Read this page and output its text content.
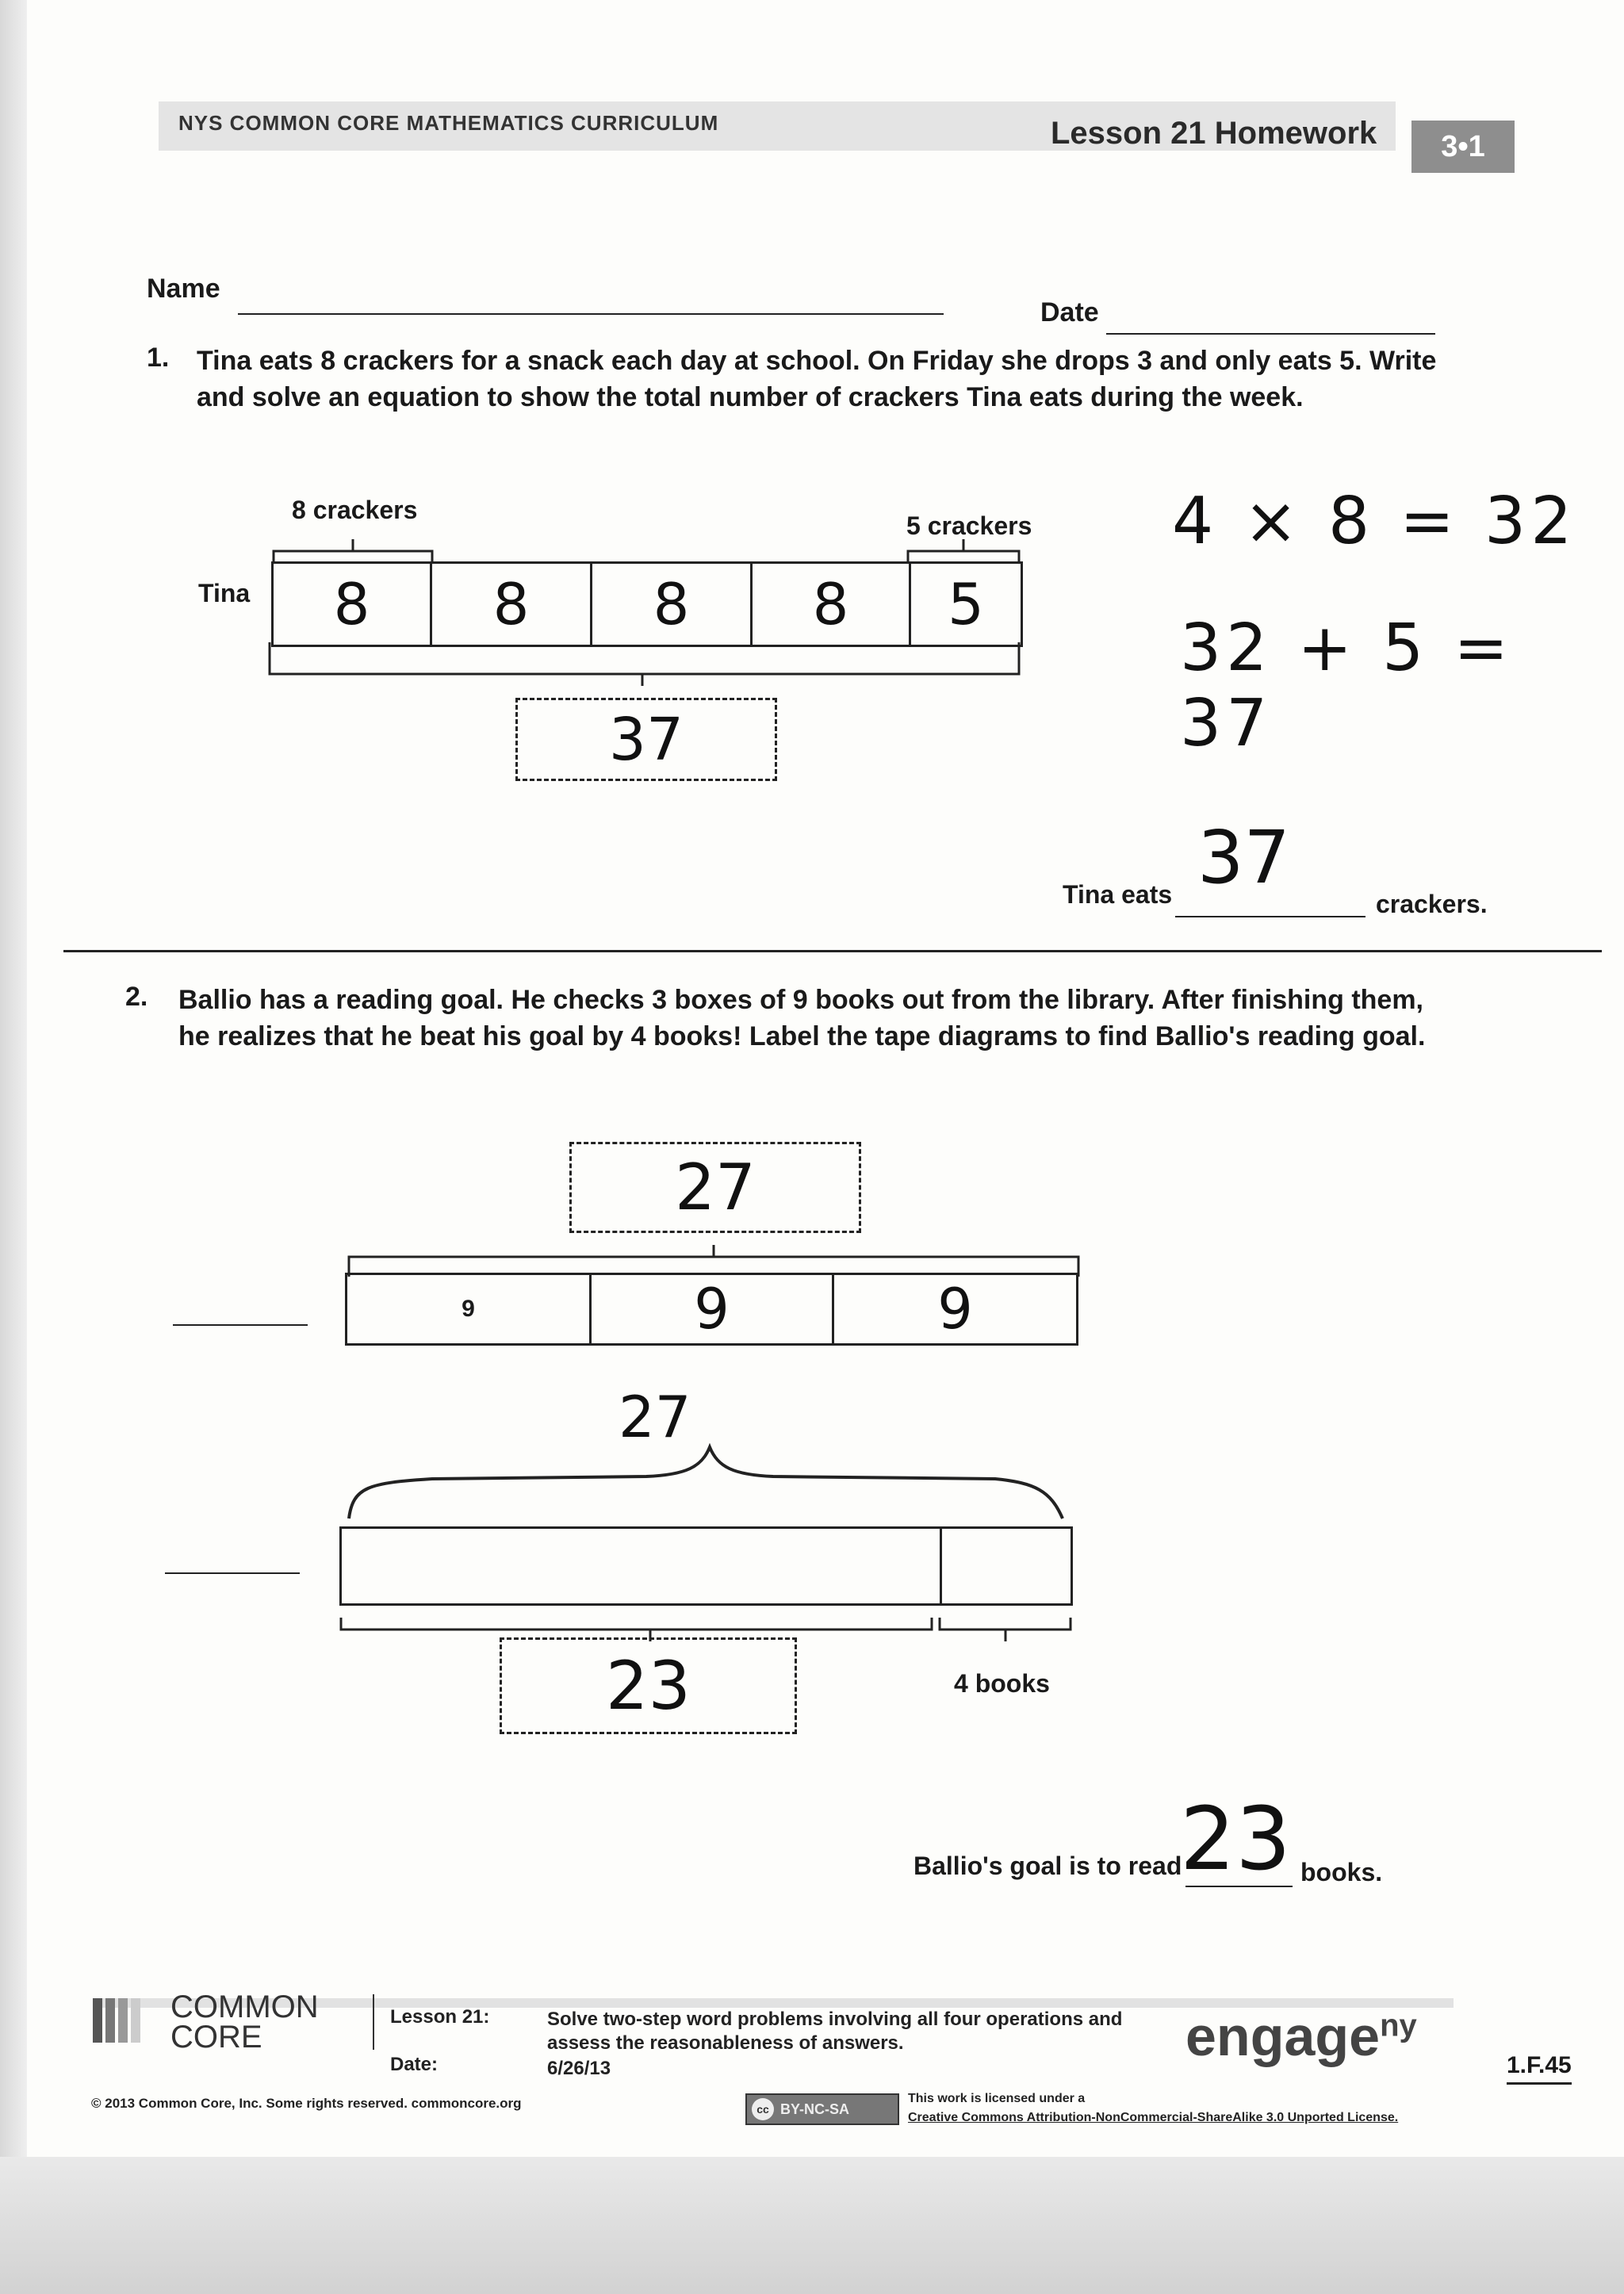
NYS COMMON CORE MATHEMATICS CURRICULUM	Lesson 21 Homework	3•1
Name
Date
1. Tina eats 8 crackers for a snack each day at school. On Friday she drops 3 and only eats 5. Write and solve an equation to show the total number of crackers Tina eats during the week.
8 crackers
5 crackers
Tina	8	8	8	8	5
37
4 × 8 = 32
32 + 5 = 37
Tina eats 37
crackers.
2. Ballio has a reading goal. He checks 3 boxes of 9 books out from the library. After finishing them, he realizes that he beat his goal by 4 books! Label the tape diagrams to find Ballio's reading goal.
27
9	9	9
27
23	4 books
Ballio's goal is to read
23 books.
COMMON
CORE
Lesson 21:
Date:
Solve two-step word problems involving all four operations and assess the reasonableness of answers.
6/26/13
engage$^{ny}$
1.F.45
© 2013 Common Core, Inc. Some rights reserved. commoncore.org	cc BY-NC-SA
This work is licensed under a
Creative Commons Attribution-NonCommercial-ShareAlike 3.0 Unported License.
